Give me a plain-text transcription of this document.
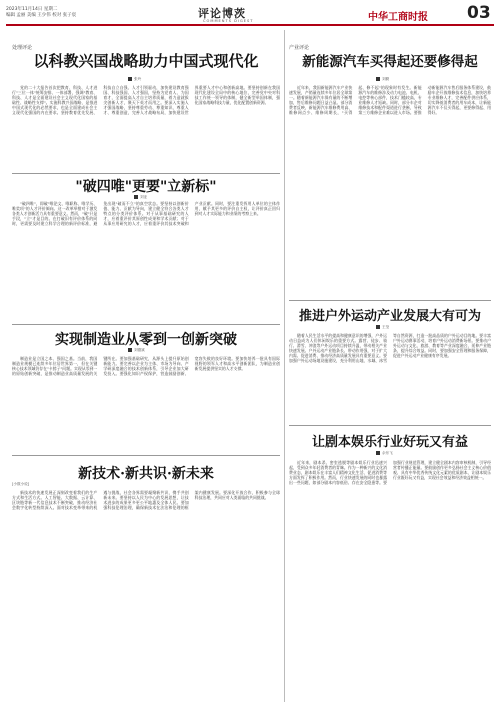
2023年11月14日 星期二
编辑 孟丽 美编 王少伟 校对 张子宸	评论博茨
COMMENTS DIGEST	中华工商时报 03
处理评论
以科教兴国战略助力中国式现代化
张玲
党的二十大报告首次把教育、科技、人才进行"三位一体"统筹安排、一体部署，强调"教育、科技、人才是全面建设社会主义现代化国家的基础性、战略性支撑"。实施科教兴国战略，是推进中国式现代化的必然要求，也是全面建成社会主义现代化强国的内在要求。坚持教育优先发展、科技自立自强、人才引领驱动，加快建设教育强国、科技强国、人才强国，坚持为党育人、为国育才，全面提高人才自主培养质量，着力造就拔尖创新人才，聚天下英才而用之。要深入实施人才强国战略，坚持尊重劳动、尊重知识、尊重人才、尊重创造，完善人才战略布局，加快建设世界重要人才中心和创新高地。要坚持创新在我国现代化建设全局中的核心地位，完善党中央对科技工作统一领导的体制，健全新型举国体制，强化国家战略科技力量，优化配置创新资源。
"破四唯"更要"立新标"
刘亚
"破四唯"，即破"唯论文、唯职称、唯学历、唯奖项"的人才评价倾向。这一改革举措对于激发各类人才创新活力具有重要意义。然而，"破"只是手段，"立"才是目的。在打破旧有评价体系的同时，更需要及时建立科学合理的新评价标准，避免出现"破而不立"的真空状态。要坚持以创新价值、能力、贡献为导向，建立健全符合各类人才特点的分类评价体系。对于从事基础研究的人才，应着重评价其原创性成果和学术贡献；对于从事应用研究的人才，应着重评价其技术突破和产业贡献。同时，要注重发挥用人单位的主体作用，赋予其更多的评价自主权，让评价真正回归到对人才实际能力和业绩的考察上来。
实现制造业从零到一创新突破
刘德斌
制造业是立国之本、强国之基。当前，我国制造业规模已连续多年位居世界第一，但在关键核心技术领域仍存在"卡脖子"问题。实现从零到一的原始创新突破，是推动制造业高质量发展的关键所在。要加强基础研究，从源头上提升原始创新能力。要完善以企业为主体、市场为导向、产学研深度融合的技术创新体系，引导企业加大研发投入。要强化知识产权保护，营造鼓励创新、宽容失败的良好环境。要加快培养一批具有国际视野的领军人才和高水平创新团队，为制造业创新发展提供坚实的人才支撑。
新技术·新共识·新未来
[小数小说]
新技术的快速发展正深刻改变着我们的生产方式和生活方式。人工智能、大数据、云计算、区块链等新一代信息技术不断突破，推动经济社会数字化转型持续深入。面对技术变革带来的机遇与挑战，社会各界需要凝聚新共识，携手共创新未来。要坚持以人民为中心的发展思想，让技术进步的成果更多更公平地惠及全体人民。要加强科技伦理治理，确保新技术在法治和伦理的框架内健康发展。要深化开放合作，积极参与全球科技治理，共同应对人类面临的共同挑战。
产业评论
新能源汽车买得起还要修得起
刘勤
近年来，我国新能源汽车产业快速发展，产销量连续多年位居全球第一。随着新能源汽车保有量的不断增加，售后维修问题日益凸显。部分消费者反映，新能源汽车维修费用高、维修网点少、维修周期长，"买得起、修不起"的现象时有发生。新能源汽车的维修涉及动力电池、电机、电控等核心部件，技术门槛较高，专业维修人才短缺。同时，部分车企对维修技术和配件渠道进行垄断，导致第三方维修企业难以进入市场。要推动新能源汽车售后服务体系建设，鼓励车企开放维修技术信息，加快培养专业维修人才，完善配件供应体系，切实降低消费者的用车成本，让新能源汽车不仅买得起，更要修得起、用得好。
推进户外运动产业发展大有可为
王莹
随着人民生活水平的提高和健康意识的增强，户外运动日益成为人们休闲娱乐的重要方式。露营、徒步、骑行、滑雪、冲浪等户外运动项目持续升温，带动相关产业快速发展。户外运动产业链条长、带动作用强，对于扩大内需、促进消费、推动经济高质量发展具有重要意义。要加强户外运动场地设施建设，充分利用山地、水域、冰雪等自然资源，打造一批高品质的户外运动目的地。要丰富户外运动赛事活动，培育户外运动消费新场景。要推动户外运动与文化、旅游、教育等产业深度融合，延伸产业链条，提升综合效益。同时，要加强安全管理和服务保障，促进户外运动产业健康有序发展。
让剧本娱乐行业好玩又有益
余东飞
近年来，剧本杀、密室逃脱等剧本娱乐行业迅速兴起，受到众多年轻消费者的青睐。作为一种新兴的文化消费业态，剧本娱乐在丰富人们精神文化生活、促进消费等方面发挥了积极作用。然而，行业快速发展的同时也暴露出一些问题，如部分剧本内容低俗、存在安全隐患等。要加强行业规范管理，建立健全剧本内容审核机制，引导经营者传播正能量。要鼓励创作更多弘扬社会主义核心价值观、具有中华优秀传统文化元素的优质剧本，让剧本娱乐行业既好玩又有益，实现社会效益和经济效益相统一。
